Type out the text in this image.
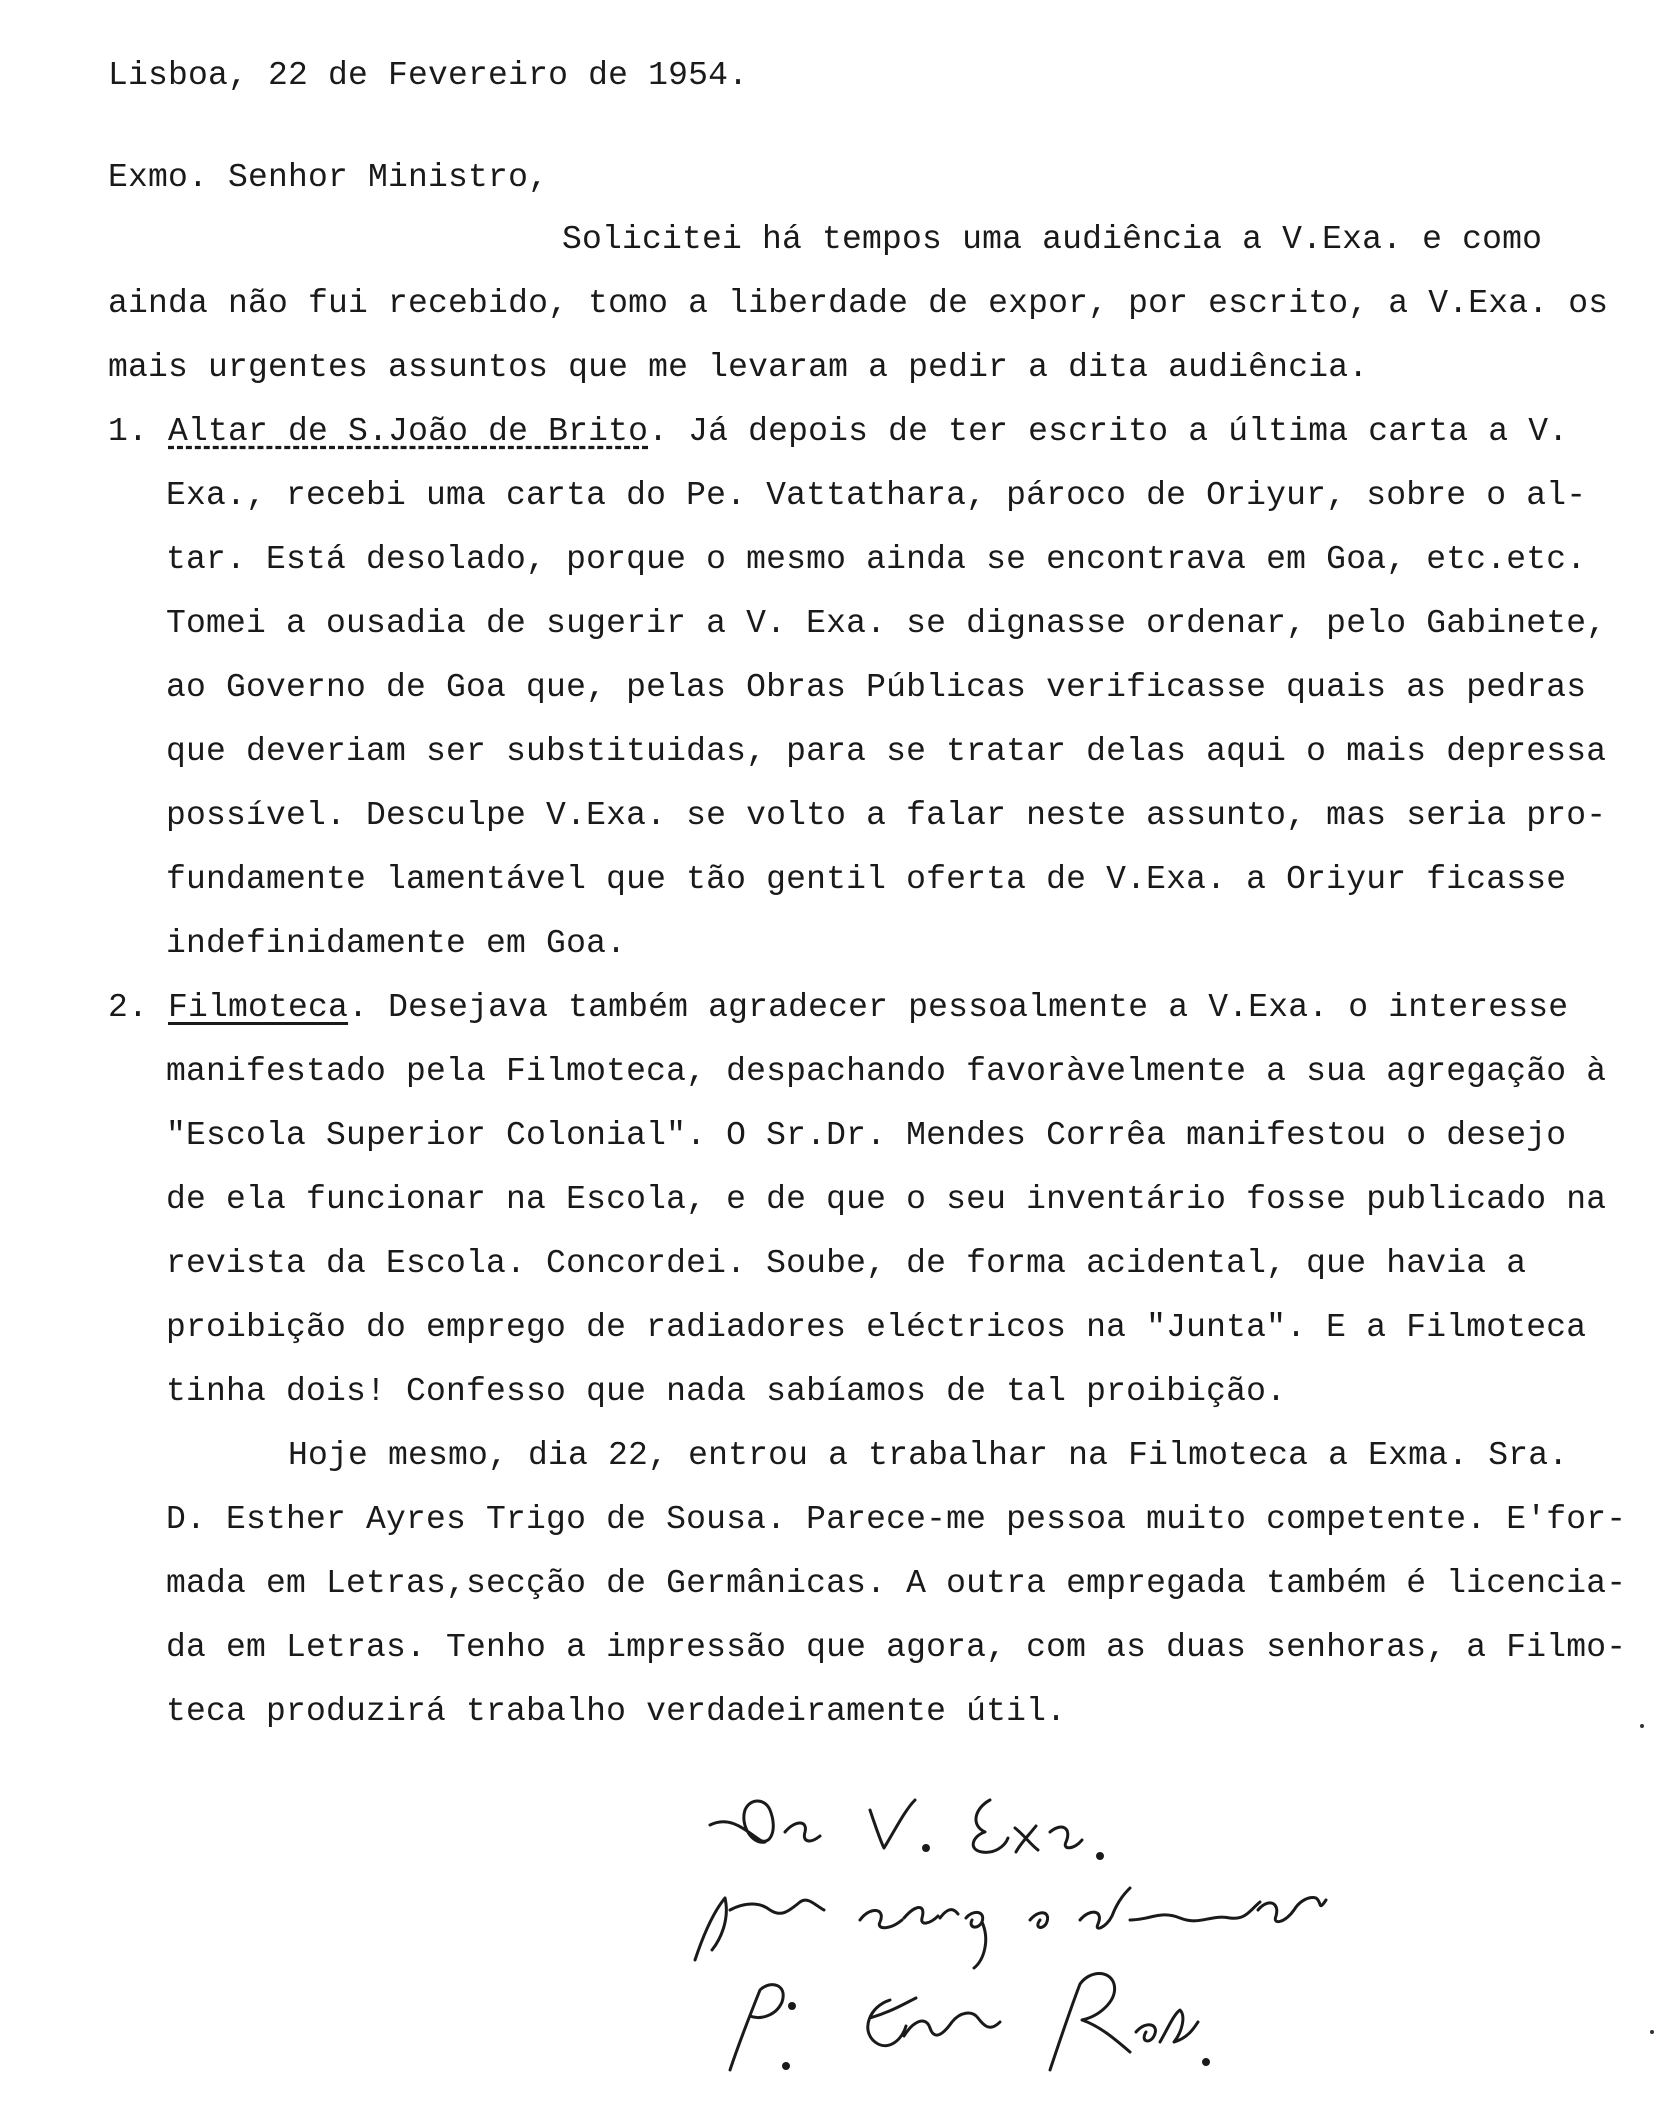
Lisboa, 22 de Fevereiro de 1954.
Exmo. Senhor Ministro,
Solicitei há tempos uma audiência a V.Exa. e como
ainda não fui recebido, tomo a liberdade de expor, por escrito, a V.Exa. os
mais urgentes assuntos que me levaram a pedir a dita audiência.
1. Altar de S.João de Brito. Já depois de ter escrito a última carta a V.
Exa., recebi uma carta do Pe. Vattathara, pároco de Oriyur, sobre o al-
tar. Está desolado, porque o mesmo ainda se encontrava em Goa, etc.etc.
Tomei a ousadia de sugerir a V. Exa. se dignasse ordenar, pelo Gabinete,
ao Governo de Goa que, pelas Obras Públicas verificasse quais as pedras
que deveriam ser substituidas, para se tratar delas aqui o mais depressa
possível. Desculpe V.Exa. se volto a falar neste assunto, mas seria pro-
fundamente lamentável que tão gentil oferta de V.Exa. a Oriyur ficasse
indefinidamente em Goa.
2. Filmoteca. Desejava também agradecer pessoalmente a V.Exa. o interesse
manifestado pela Filmoteca, despachando favoràvelmente a sua agregação à
"Escola Superior Colonial". O Sr.Dr. Mendes Corrêa manifestou o desejo
de ela funcionar na Escola, e de que o seu inventário fosse publicado na
revista da Escola. Concordei. Soube, de forma acidental, que havia a
proibição do emprego de radiadores eléctricos na "Junta". E a Filmoteca
tinha dois! Confesso que nada sabíamos de tal proibição.
Hoje mesmo, dia 22, entrou a trabalhar na Filmoteca a Exma. Sra.
D. Esther Ayres Trigo de Sousa. Parece-me pessoa muito competente. E'for-
mada em Letras,secção de Germânicas. A outra empregada também é licencia-
da em Letras. Tenho a impressão que agora, com as duas senhoras, a Filmo-
teca produzirá trabalho verdadeiramente útil.
